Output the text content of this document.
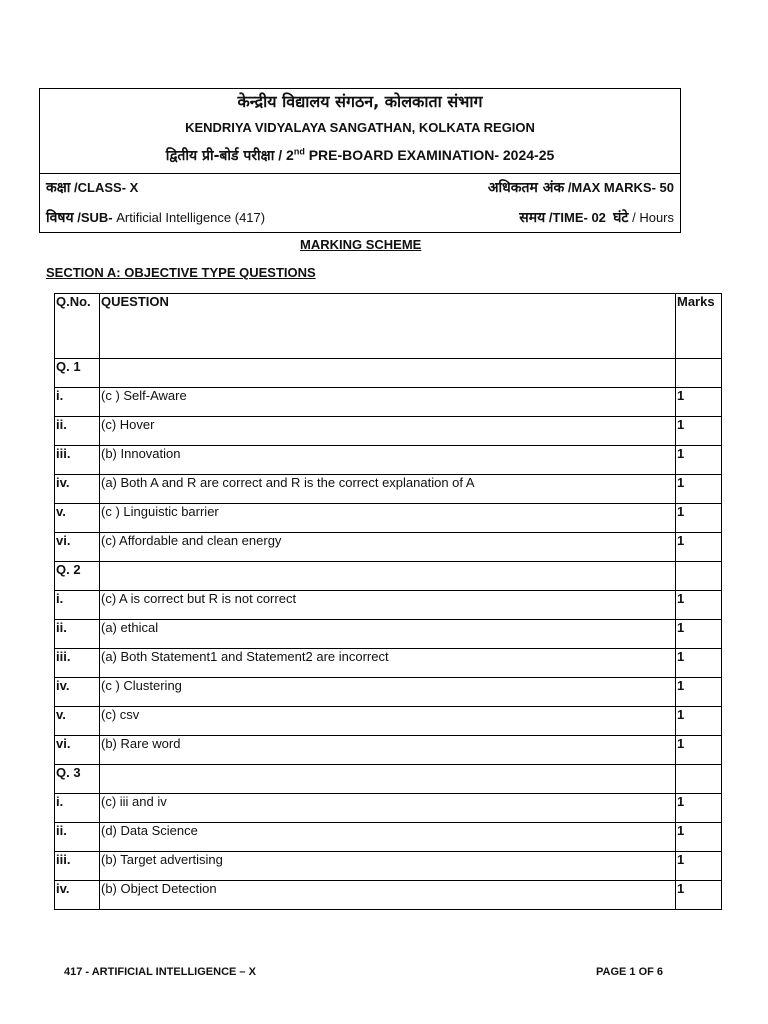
केन्द्रीय विद्यालय संगठन, कोलकाता संभाग
KENDRIYA VIDYALAYA SANGATHAN, KOLKATA REGION
द्वितीय प्री-बोर्ड परीक्षा / 2nd PRE-BOARD EXAMINATION- 2024-25
कक्षा /CLASS- X	अधिकतम अंक /MAX MARKS- 50
विषय /SUB- Artificial Intelligence (417)	समय /TIME- 02  घंटे / Hours
MARKING SCHEME
SECTION A: OBJECTIVE TYPE QUESTIONS
Q.No.	QUESTION	Marks
Q. 1		
i.	(c ) Self-Aware	1
ii.	(c) Hover	1
iii.	(b) Innovation	1
iv.	(a) Both A and R are correct and R is the correct explanation of A	1
v.	(c ) Linguistic barrier	1
vi.	(c) Affordable and clean energy	1
Q. 2		
i.	(c) A is correct but R is not correct	1
ii.	(a) ethical	1
iii.	(a) Both Statement1 and Statement2 are incorrect	1
iv.	(c ) Clustering	1
v.	(c) csv	1
vi.	(b) Rare word	1
Q. 3		
i.	(c) iii and iv	1
ii.	(d) Data Science	1
iii.	(b) Target advertising	1
iv.	(b) Object Detection	1
417 - ARTIFICIAL INTELLIGENCE – X	PAGE 1 OF 6
